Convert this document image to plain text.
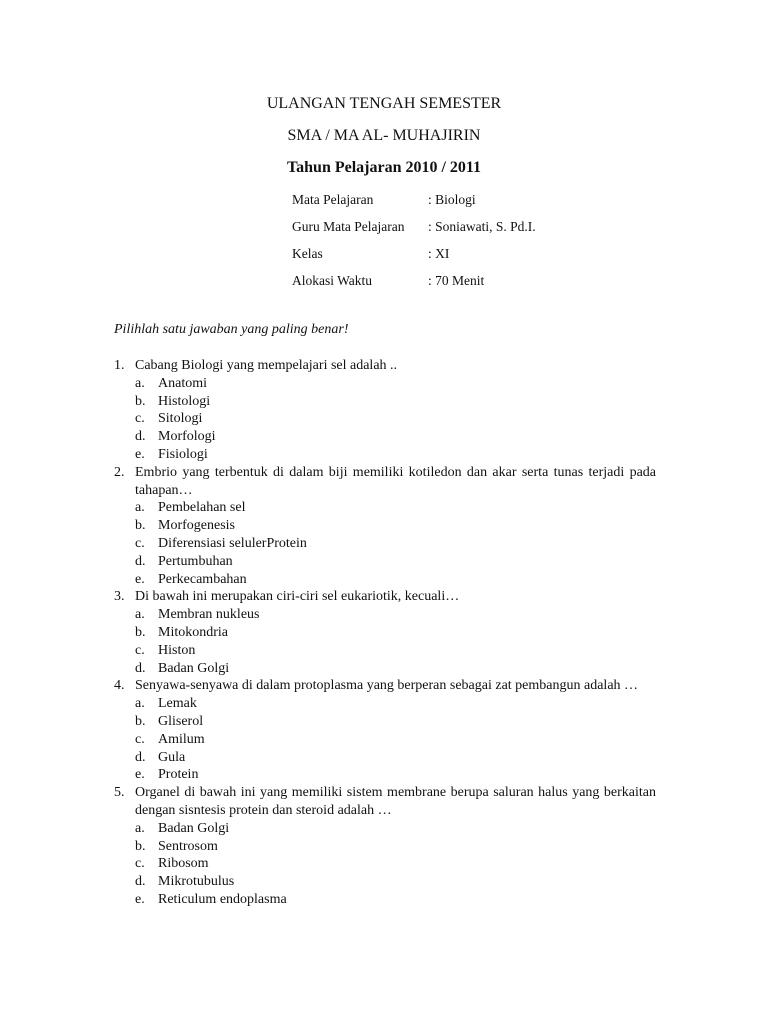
ULANGAN TENGAH SEMESTER
SMA / MA AL- MUHAJIRIN
Tahun Pelajaran 2010 / 2011
Mata Pelajaran	: Biologi
Guru Mata Pelajaran	: Soniawati, S. Pd.I.
Kelas	: XI
Alokasi Waktu	: 70 Menit
Pilihlah satu jawaban yang paling benar!
1. Cabang Biologi yang mempelajari sel adalah ..
a. Anatomi
b. Histologi
c. Sitologi
d. Morfologi
e. Fisiologi
2. Embrio yang terbentuk di dalam biji memiliki kotiledon dan akar serta tunas terjadi pada tahapan…
a. Pembelahan sel
b. Morfogenesis
c. Diferensiasi selulerProtein
d. Pertumbuhan
e. Perkecambahan
3. Di bawah ini merupakan ciri-ciri sel eukariotik, kecuali…
a. Membran nukleus
b. Mitokondria
c. Histon
d. Badan Golgi
4. Senyawa-senyawa di dalam protoplasma yang berperan sebagai zat pembangun adalah …
a. Lemak
b. Gliserol
c. Amilum
d. Gula
e. Protein
5. Organel di bawah ini yang memiliki sistem membrane berupa saluran halus yang berkaitan dengan sisntesis protein dan steroid adalah …
a. Badan Golgi
b. Sentrosom
c. Ribosom
d. Mikrotubulus
e. Reticulum endoplasma
